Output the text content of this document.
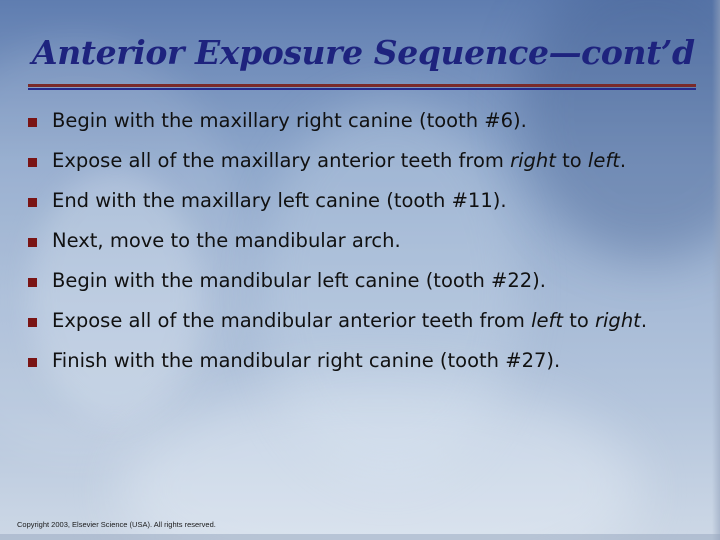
Anterior Exposure Sequence—cont’d
Begin with the maxillary right canine (tooth #6).
Expose all of the maxillary anterior teeth from right to left.
End with the maxillary left canine (tooth #11).
Next, move to the mandibular arch.
Begin with the mandibular left canine (tooth #22).
Expose all of the mandibular anterior teeth from left to right.
Finish with the mandibular right canine (tooth #27).
Copyright 2003, Elsevier Science (USA). All rights reserved.
